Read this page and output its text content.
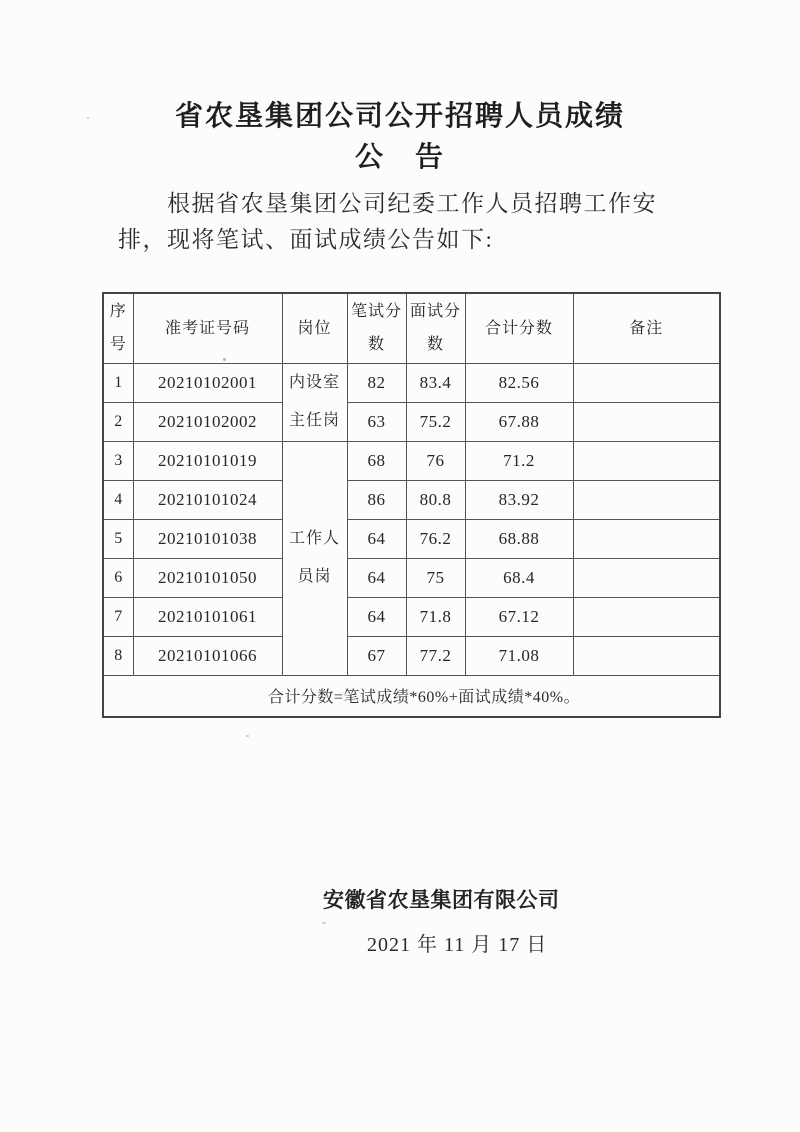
省农垦集团公司公开招聘人员成绩
公　告
根据省农垦集团公司纪委工作人员招聘工作安
排，现将笔试、面试成绩公告如下:
序号	准考证号码	岗位	笔试分数	面试分数	合计分数	备注
1	20210102001	内设室主任岗	82	83.4	82.56	
2	20210102002		63	75.2	67.88	
3	20210101019	工作人员岗	68	76	71.2	
4	20210101024		86	80.8	83.92	
5	20210101038		64	76.2	68.88	
6	20210101050		64	75	68.4	
7	20210101061		64	71.8	67.12	
8	20210101066		67	77.2	71.08	
合计分数=笔试成绩*60%+面试成绩*40%。						
安徽省农垦集团有限公司
2021 年 11 月 17 日
